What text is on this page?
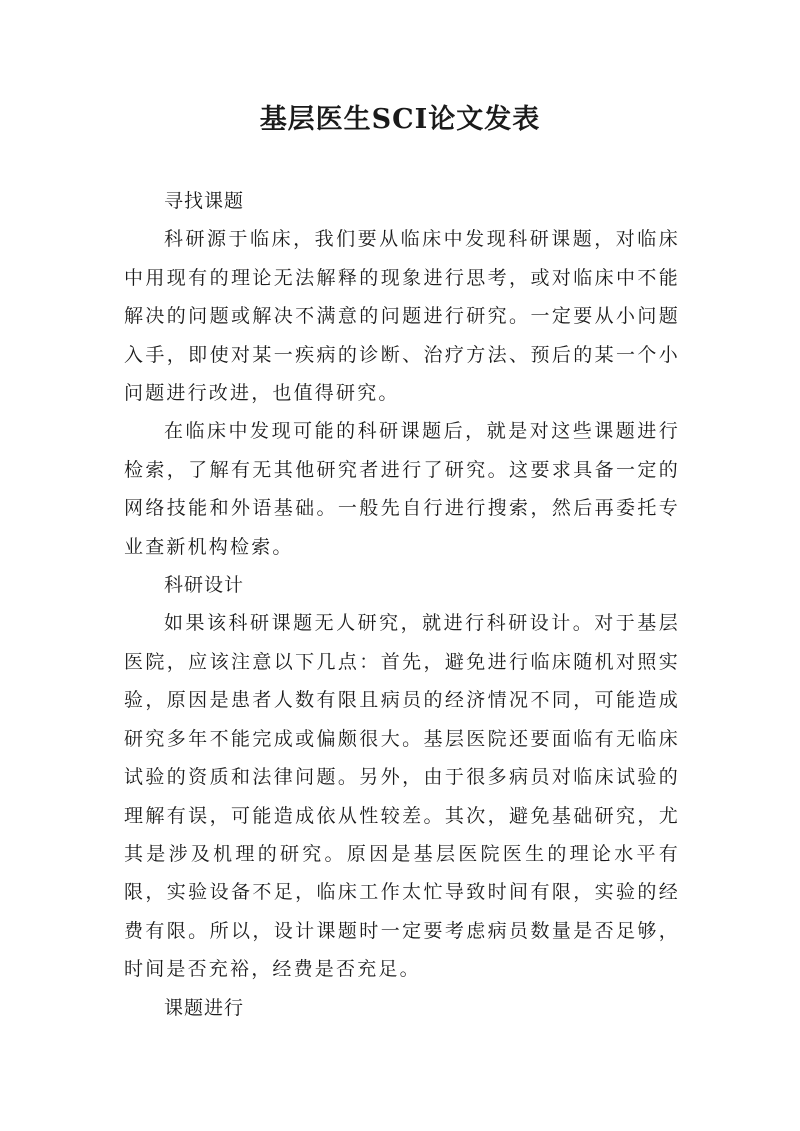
基层医生SCI论文发表

寻找课题

科研源于临床，我们要从临床中发现科研课题，对临床中用现有的理论无法解释的现象进行思考，或对临床中不能解决的问题或解决不满意的问题进行研究。一定要从小问题入手，即使对某一疾病的诊断、治疗方法、预后的某一个小问题进行改进，也值得研究。

在临床中发现可能的科研课题后，就是对这些课题进行检索，了解有无其他研究者进行了研究。这要求具备一定的网络技能和外语基础。一般先自行进行搜索，然后再委托专业查新机构检索。

科研设计

如果该科研课题无人研究，就进行科研设计。对于基层医院，应该注意以下几点：首先，避免进行临床随机对照实验，原因是患者人数有限且病员的经济情况不同，可能造成研究多年不能完成或偏颇很大。基层医院还要面临有无临床试验的资质和法律问题。另外，由于很多病员对临床试验的理解有误，可能造成依从性较差。其次，避免基础研究，尤其是涉及机理的研究。原因是基层医院医生的理论水平有限，实验设备不足，临床工作太忙导致时间有限，实验的经费有限。所以，设计课题时一定要考虑病员数量是否足够，时间是否充裕，经费是否充足。

课题进行
